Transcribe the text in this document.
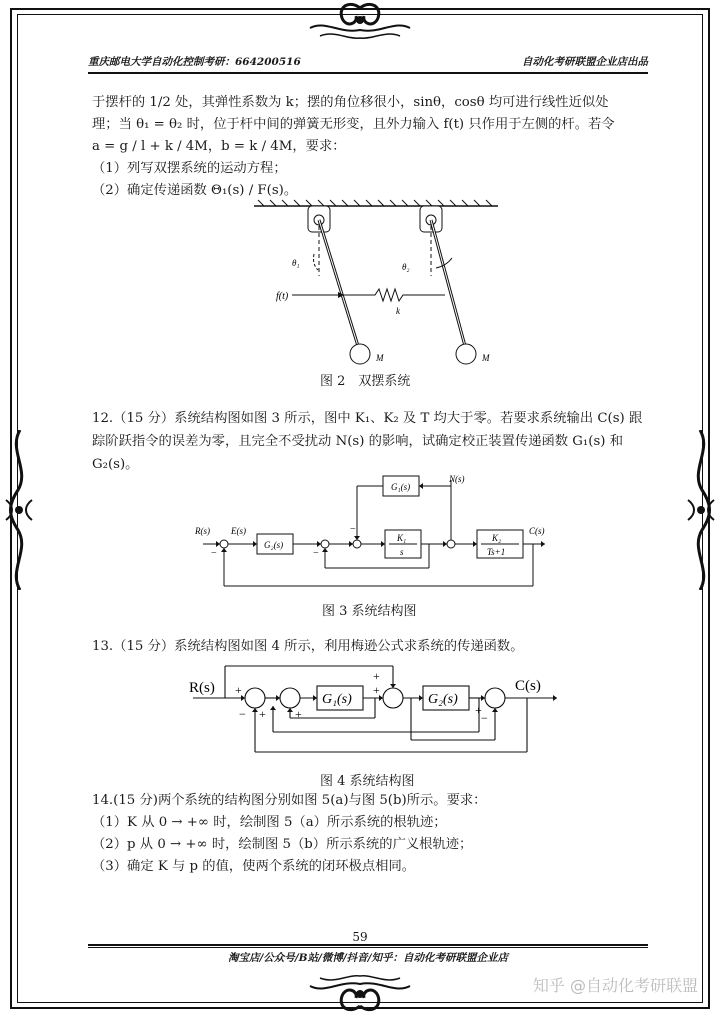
重庆邮电大学自动化控制考研：664200516	自动化考研联盟企业店出品
于摆杆的 1/2 处，其弹性系数为 k；摆的角位移很小，sinθ，cosθ 均可进行线性近似处
理；当 θ₁ = θ₂ 时，位于杆中间的弹簧无形变，且外力输入 f(t) 只作用于左侧的杆。若令
a = g / l + k / 4M，b = k / 4M，要求：
（1）列写双摆系统的运动方程；
（2）确定传递函数 Θ₁(s) / F(s)。
θ₁	θ₂
f(t)
k
M	M
图 2　双摆系统
12.（15 分）系统结构图如图 3 所示，图中 K₁、K₂ 及 T 均大于零。若要求系统输出 C(s) 跟
踪阶跃指令的误差为零，且完全不受扰动 N(s) 的影响，试确定校正装置传递函数 G₁(s) 和
G₂(s)。
R(s) E(s)
N(s)
C(s)
G₁(s)
G₂(s)
K₁
s
K₂
Ts+1
−	−
−
图 3 系统结构图
13.（15 分）系统结构图如图 4 所示，利用梅逊公式求系统的传递函数。
R(s)	C(s)
G₁(s)	G₂(s)
+
− +
+
+
+	+
−
图 4 系统结构图
14.(15 分)两个系统的结构图分别如图 5(a)与图 5(b)所示。要求：
（1）K 从 0 → +∞ 时，绘制图 5（a）所示系统的根轨迹；
（2）p 从 0 → +∞ 时，绘制图 5（b）所示系统的广义根轨迹；
（3）确定 K 与 p 的值，使两个系统的闭环极点相同。
59
淘宝店/公众号/B站/微博/抖音/知乎：自动化考研联盟企业店
知乎 @自动化考研联盟
